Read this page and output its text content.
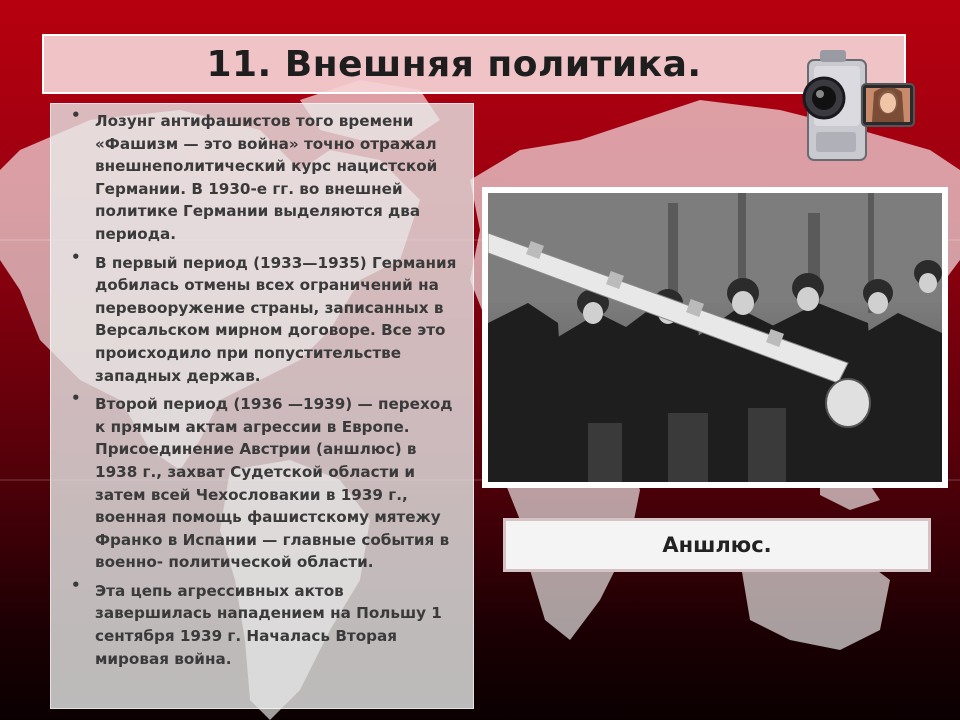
11. Внешняя политика.
• Лозунг антифашистов того времени «Фашизм — это война» точно отражал внешнеполитический курс нацистской Германии. В 1930-е гг. во внешней политике Германии выделяются два периода.
• В первый период (1933—1935) Германия добилась отмены всех ограничений на перевооружение страны, записанных в Версальском мирном договоре. Все это происходило при попустительстве западных держав.
• Второй период (1936 —1939) — переход к прямым актам агрессии в Европе. Присоединение Австрии (аншлюс) в 1938 г., захват Судетской области и затем всей Чехословакии в 1939 г., военная помощь фашистскому мятежу Франко в Испании — главные события в военно- политической области.
• Эта цепь агрессивных актов завершилась нападением на Польшу 1 сентября 1939 г. Началась Вторая мировая война.
Аншлюс.
